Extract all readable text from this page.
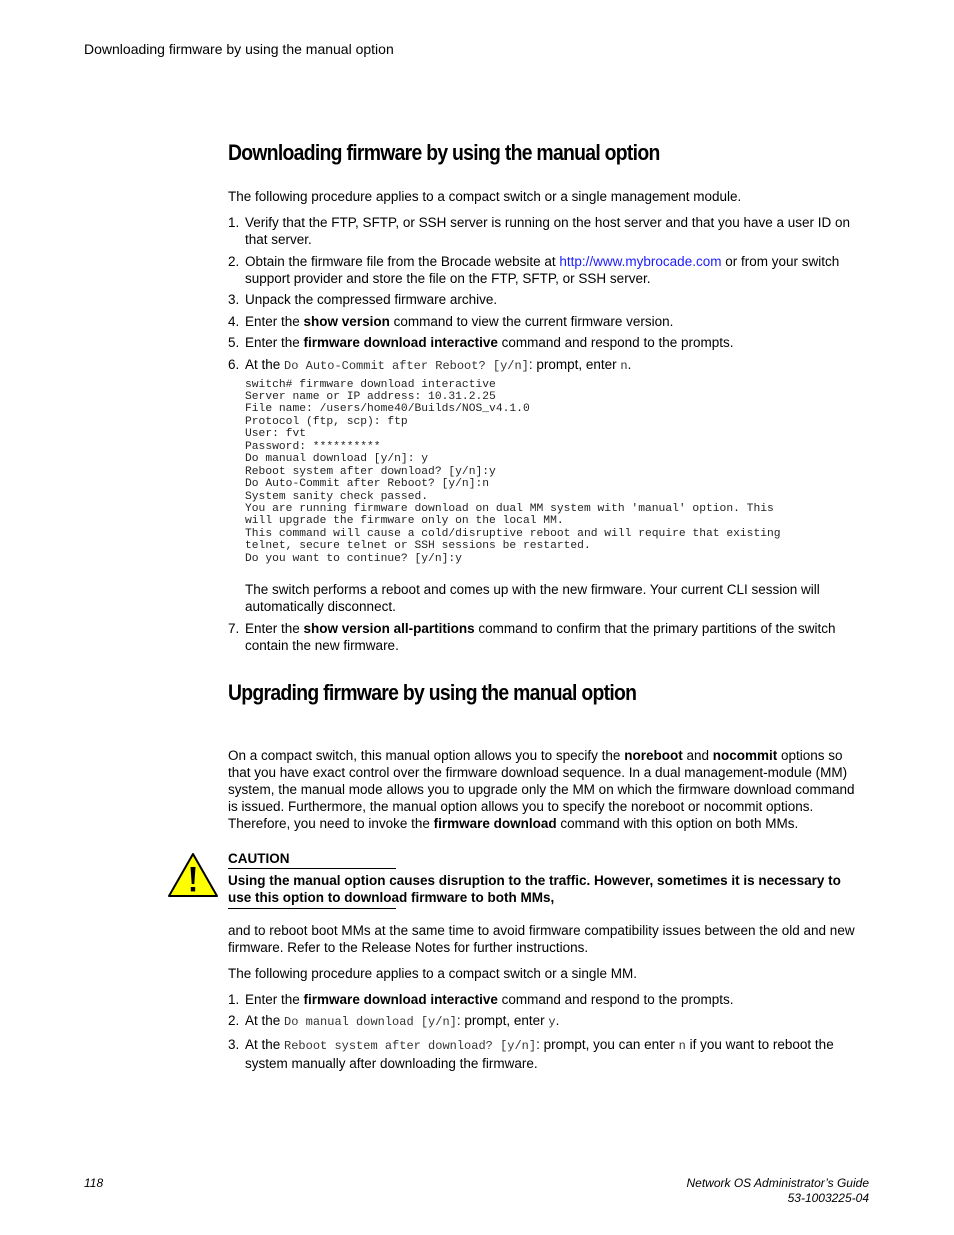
Downloading firmware by using the manual option
Downloading firmware by using the manual option

The following procedure applies to a compact switch or a single management module.

1. Verify that the FTP, SFTP, or SSH server is running on the host server and that you have a user ID on that server.
2. Obtain the firmware file from the Brocade website at http://www.mybrocade.com or from your switch support provider and store the file on the FTP, SFTP, or SSH server.
3. Unpack the compressed firmware archive.
4. Enter the show version command to view the current firmware version.
5. Enter the firmware download interactive command and respond to the prompts.
6. At the Do Auto-Commit after Reboot? [y/n]: prompt, enter n.
switch# firmware download interactive
Server name or IP address: 10.31.2.25
File name: /users/home40/Builds/NOS_v4.1.0
Protocol (ftp, scp): ftp
User: fvt
Password: **********
Do manual download [y/n]: y
Reboot system after download? [y/n]:y
Do Auto-Commit after Reboot? [y/n]:n
System sanity check passed.
You are running firmware download on dual MM system with 'manual' option. This
will upgrade the firmware only on the local MM.
This command will cause a cold/disruptive reboot and will require that existing
telnet, secure telnet or SSH sessions be restarted.
Do you want to continue? [y/n]:y

The switch performs a reboot and comes up with the new firmware. Your current CLI session will automatically disconnect.

7. Enter the show version all-partitions command to confirm that the primary partitions of the switch contain the new firmware.
Upgrading firmware by using the manual option

On a compact switch, this manual option allows you to specify the noreboot and nocommit options so that you have exact control over the firmware download sequence. In a dual management-module (MM) system, the manual mode allows you to upgrade only the MM on which the firmware download command is issued. Furthermore, the manual option allows you to specify the noreboot or nocommit options. Therefore, you need to invoke the firmware download command with this option on both MMs.

CAUTION
Using the manual option causes disruption to the traffic. However, sometimes it is necessary to use this option to download firmware to both MMs,

and to reboot boot MMs at the same time to avoid firmware compatibility issues between the old and new firmware. Refer to the Release Notes for further instructions.

The following procedure applies to a compact switch or a single MM.

1. Enter the firmware download interactive command and respond to the prompts.
2. At the Do manual download [y/n]: prompt, enter y.
3. At the Reboot system after download? [y/n]: prompt, you can enter n if you want to reboot the system manually after downloading the firmware.
118	Network OS Administrator’s Guide
53-1003225-04
